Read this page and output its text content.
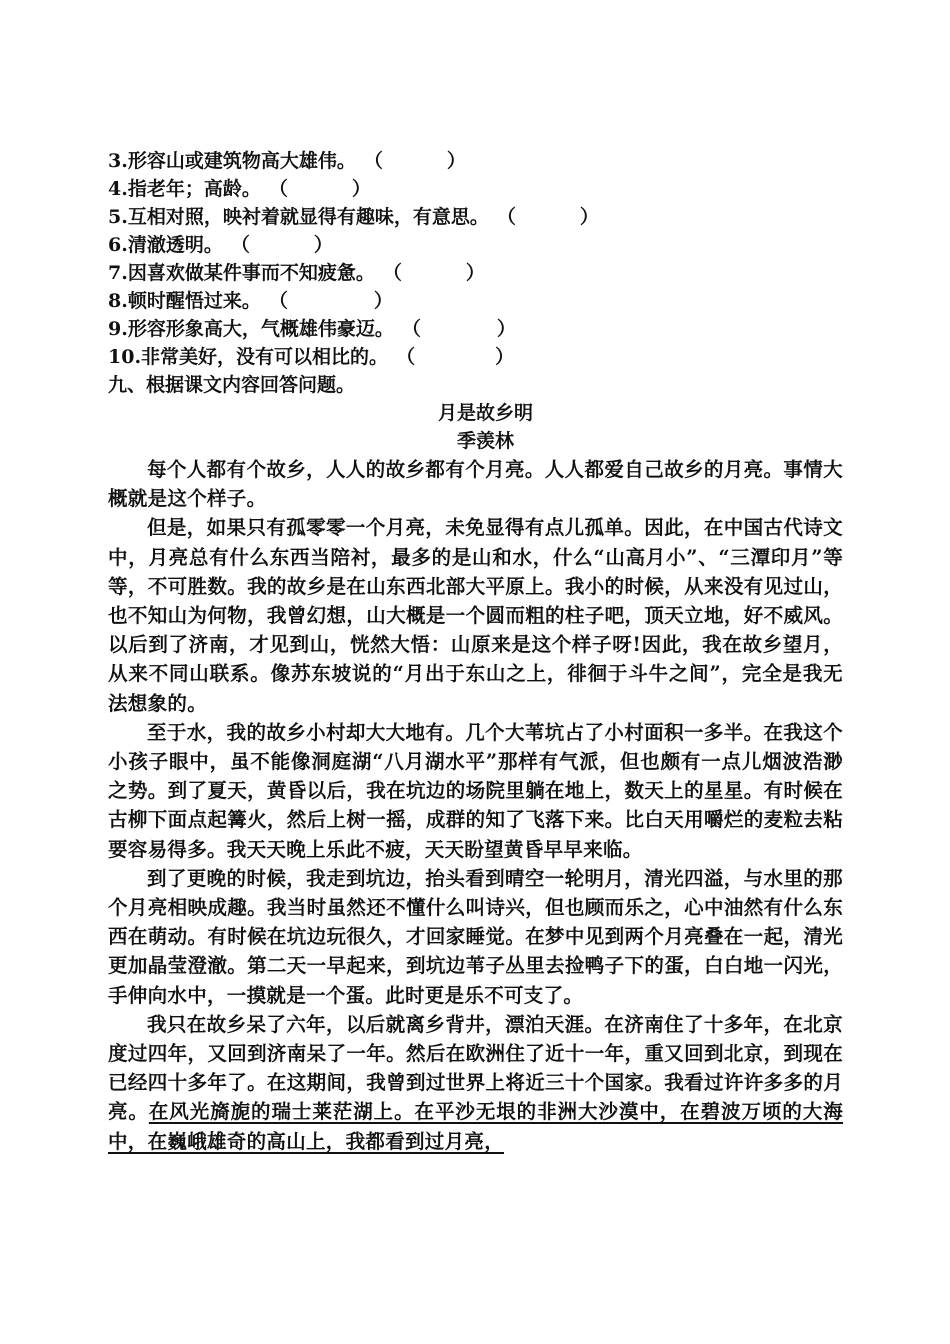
3.形容山或建筑物高大雄伟。 （	）
4.指老年；高龄。 （	）
5.互相对照，映衬着就显得有趣味，有意思。 （	）
6.清澈透明。 （	）
7.因喜欢做某件事而不知疲惫。 （	）
8.顿时醒悟过来。 （	）
9.形容形象高大，气概雄伟豪迈。 （	）
10.非常美好，没有可以相比的。 （	）
九、根据课文内容回答问题。
月是故乡明
季羡林

每个人都有个故乡，人人的故乡都有个月亮。人人都爱自己故乡的月亮。事情大概就是这个样子。

但是，如果只有孤零零一个月亮，未免显得有点儿孤单。因此，在中国古代诗文中，月亮总有什么东西当陪衬，最多的是山和水，什么“山高月小”、“三潭印月”等等，不可胜数。我的故乡是在山东西北部大平原上。我小的时候，从来没有见过山，也不知山为何物，我曾幻想，山大概是一个圆而粗的柱子吧，顶天立地，好不威风。以后到了济南，才见到山，恍然大悟：山原来是这个样子呀!因此，我在故乡望月，从来不同山联系。像苏东坡说的“月出于东山之上，徘徊于斗牛之间”，完全是我无法想象的。

至于水，我的故乡小村却大大地有。几个大苇坑占了小村面积一多半。在我这个小孩子眼中，虽不能像洞庭湖“八月湖水平”那样有气派，但也颇有一点儿烟波浩渺之势。到了夏天，黄昏以后，我在坑边的场院里躺在地上，数天上的星星。有时候在古柳下面点起篝火，然后上树一摇，成群的知了飞落下来。比白天用嚼烂的麦粒去粘要容易得多。我天天晚上乐此不疲，天天盼望黄昏早早来临。

到了更晚的时候，我走到坑边，抬头看到晴空一轮明月，清光四溢，与水里的那个月亮相映成趣。我当时虽然还不懂什么叫诗兴，但也顾而乐之，心中油然有什么东西在萌动。有时候在坑边玩很久，才回家睡觉。在梦中见到两个月亮叠在一起，清光更加晶莹澄澈。第二天一早起来，到坑边苇子丛里去捡鸭子下的蛋，白白地一闪光，手伸向水中，一摸就是一个蛋。此时更是乐不可支了。

我只在故乡呆了六年，以后就离乡背井，漂泊天涯。在济南住了十多年，在北京度过四年，又回到济南呆了一年。然后在欧洲住了近十一年，重又回到北京，到现在已经四十多年了。在这期间，我曾到过世界上将近三十个国家。我看过许许多多的月亮。在风光旖旎的瑞士莱茫湖上。在平沙无垠的非洲大沙漠中，在碧波万顷的大海中，在巍峨雄奇的高山上，我都看到过月亮，
